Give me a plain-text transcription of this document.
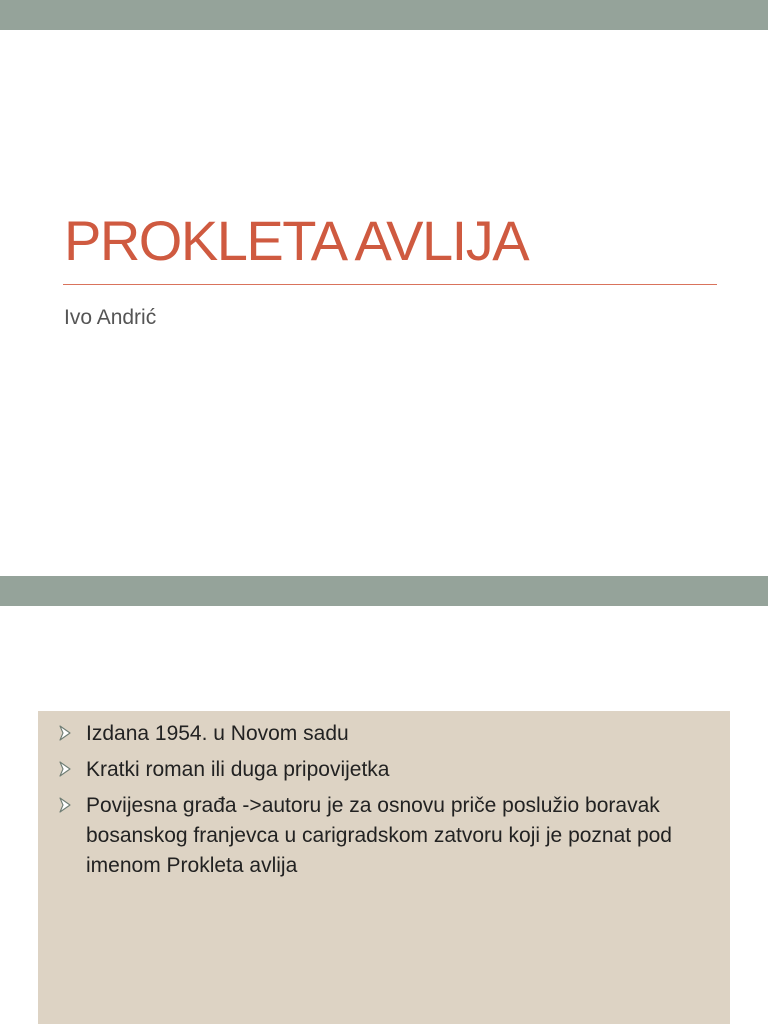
PROKLETA AVLIJA

Ivo Andrić

Izdana 1954. u Novom sadu
Kratki roman ili duga pripovijetka
Povijesna građa ->autoru je za osnovu priče poslužio boravak bosanskog franjevca u carigradskom zatvoru koji je poznat pod imenom Prokleta avlija
